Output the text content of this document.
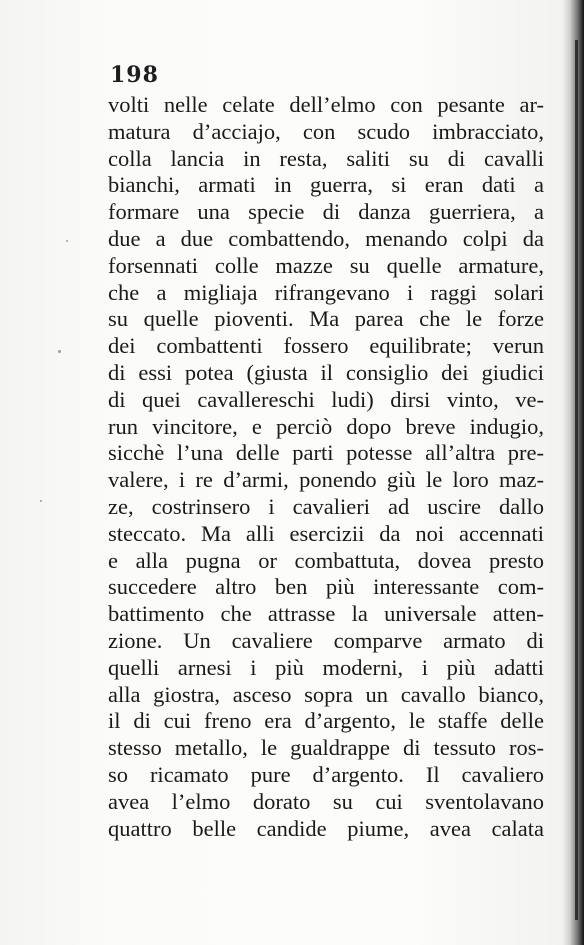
198
volti nelle celate dell’elmo con pesante ar-
matura d’acciajo, con scudo imbracciato,
colla lancia in resta, saliti su di cavalli
bianchi, armati in guerra, si eran dati a
formare una specie di danza guerriera, a
due a due combattendo, menando colpi da
forsennati colle mazze su quelle armature,
che a migliaja rifrangevano i raggi solari
su quelle pioventi. Ma parea che le forze
dei combattenti fossero equilibrate; verun
di essi potea (giusta il consiglio dei giudici
di quei cavallereschi ludi) dirsi vinto, ve-
run vincitore, e perciò dopo breve indugio,
sicchè l’una delle parti potesse all’altra pre-
valere, i re d’armi, ponendo giù le loro maz-
ze, costrinsero i cavalieri ad uscire dallo
steccato. Ma alli esercizii da noi accennati
e alla pugna or combattuta, dovea presto
succedere altro ben più interessante com-
battimento che attrasse la universale atten-
zione. Un cavaliere comparve armato di
quelli arnesi i più moderni, i più adatti
alla giostra, asceso sopra un cavallo bianco,
il di cui freno era d’argento, le staffe delle
stesso metallo, le gualdrappe di tessuto ros-
so ricamato pure d’argento. Il cavaliero
avea l’elmo dorato su cui sventolavano
quattro belle candide piume, avea calata
